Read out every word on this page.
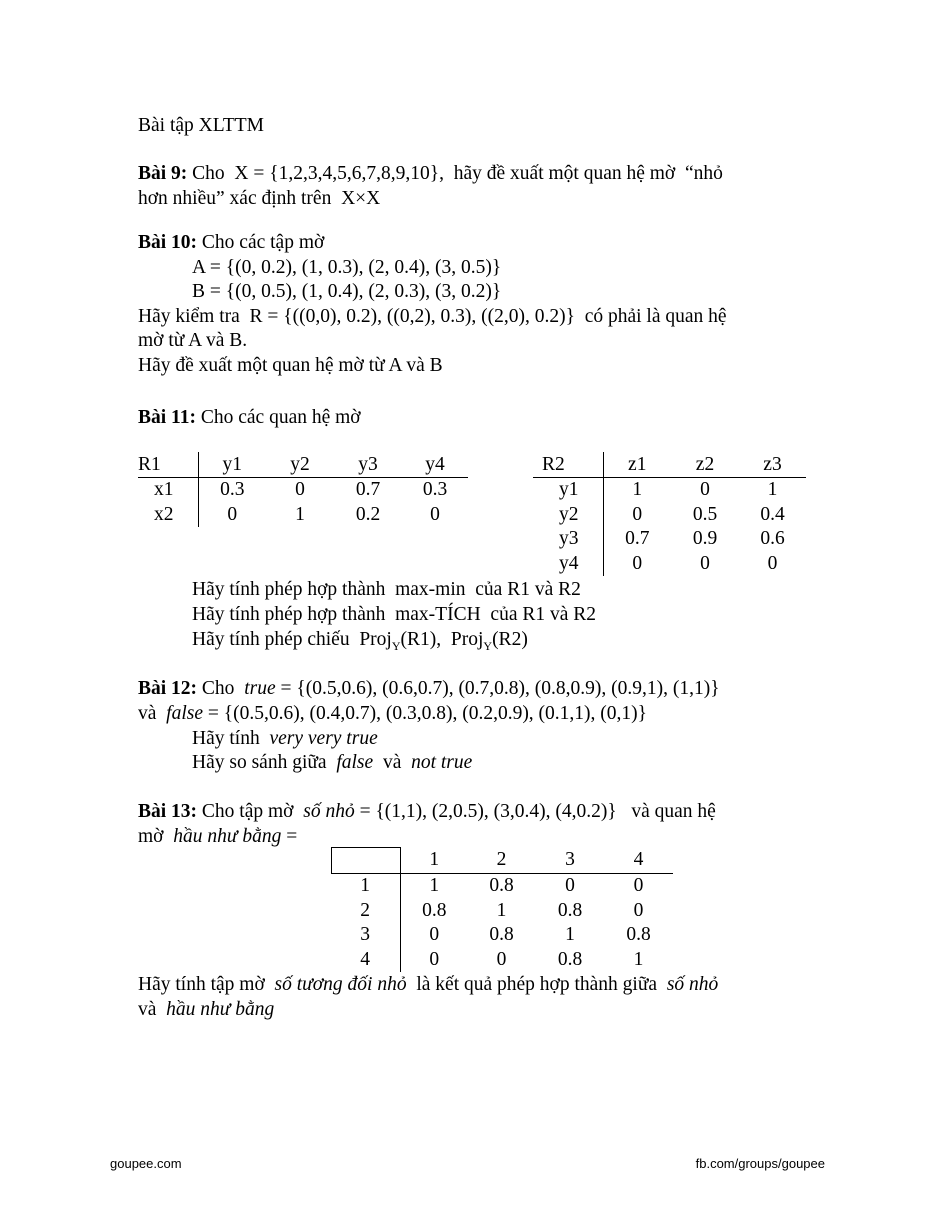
Bài tập XLTTM
Bài 9: Cho  X = {1,2,3,4,5,6,7,8,9,10},  hãy đề xuất một quan hệ mờ  “nhỏ
hơn nhiều” xác định trên  X×X
Bài 10: Cho các tập mờ
A = {(0, 0.2), (1, 0.3), (2, 0.4), (3, 0.5)}
B = {(0, 0.5), (1, 0.4), (2, 0.3), (3, 0.2)}
Hãy kiểm tra  R = {((0,0), 0.2), ((0,2), 0.3), ((2,0), 0.2)}  có phải là quan hệ
mờ từ A và B.
Hãy đề xuất một quan hệ mờ từ A và B
Bài 11: Cho các quan hệ mờ
R1	y1	y2	y3	y4
x1	0.3	0	0.7	0.3
x2	0	1	0.2	0
R2	z1	z2	z3
y1	1	0	1
y2	0	0.5	0.4
y3	0.7	0.9	0.6
y4	0	0	0
Hãy tính phép hợp thành  max-min  của R1 và R2
Hãy tính phép hợp thành  max-TÍCH  của R1 và R2
Hãy tính phép chiếu  Proj$_Y$(R1),  Proj$_Y$(R2)
Bài 12: Cho  true = {(0.5,0.6), (0.6,0.7), (0.7,0.8), (0.8,0.9), (0.9,1), (1,1)}
và  false = {(0.5,0.6), (0.4,0.7), (0.3,0.8), (0.2,0.9), (0.1,1), (0,1)}
Hãy tính  very very true
Hãy so sánh giữa  false  và  not true
Bài 13: Cho tập mờ  số nhỏ = {(1,1), (2,0.5), (3,0.4), (4,0.2)}   và quan hệ
mờ  hầu như bằng =
	1	2	3	4
1	1	0.8	0	0
2	0.8	1	0.8	0
3	0	0.8	1	0.8
4	0	0	0.8	1
Hãy tính tập mờ  số tương đối nhỏ  là kết quả phép hợp thành giữa  số nhỏ
và  hầu như bằng
goupee.com	fb.com/groups/goupee
